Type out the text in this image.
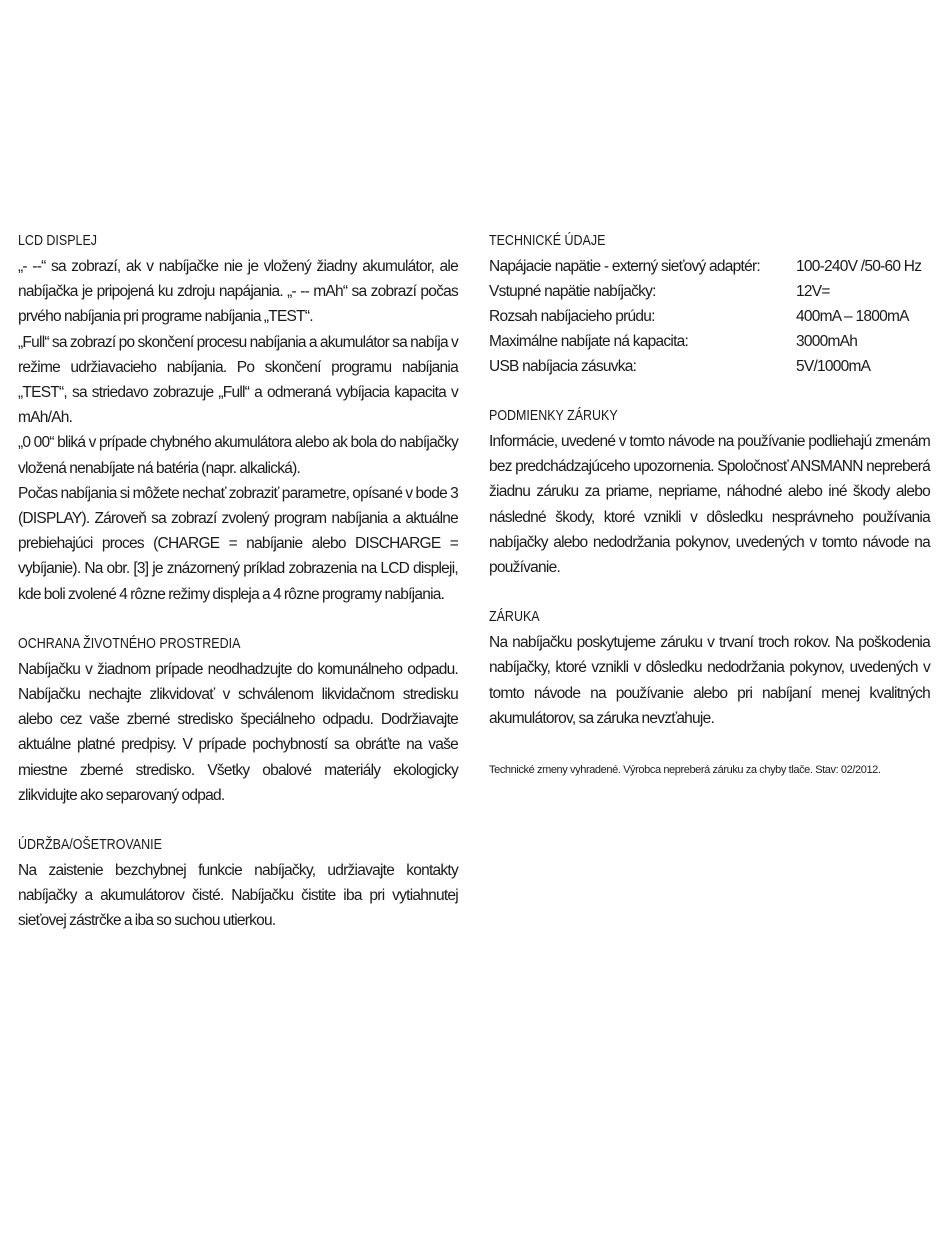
LCD DISPLEJ

„- --“ sa zobrazí, ak v nabíjačke nie je vložený žiadny akumulátor, ale nabíjačka je pripojená ku zdroju napájania. „- -- mAh“ sa zobrazí počas prvého nabíjania pri programe nabíjania „TEST“.

„Full“ sa zobrazí po skončení procesu nabíjania a akumulátor sa nabíja v režime udržiavacieho nabíjania. Po skončení programu nabíjania „TEST“, sa striedavo zobrazuje „Full“ a odmeraná vybíjacia kapacita v mAh/Ah.

„0 00“ bliká v prípade chybného akumulátora alebo ak bola do nabíjačky vložená nenabíjate ná batéria (napr. alkalická).

Počas nabíjania si môžete nechať zobraziť parametre, opísané v bode 3 (DISPLAY). Zároveň sa zobrazí zvolený program nabíjania a aktuálne prebiehajúci proces (CHARGE = nabíjanie alebo DISCHARGE = vybíjanie). Na obr. [3] je znázornený príklad zobrazenia na LCD displeji, kde boli zvolené 4 rôzne režimy displeja a 4 rôzne programy nabíjania.

OCHRANA ŽIVOTNÉHO PROSTREDIA

Nabíjačku v žiadnom prípade neodhadzujte do komunálneho odpadu. Nabíjačku nechajte zlikvidovať v schválenom likvidačnom stredisku alebo cez vaše zberné stredisko špeciálneho odpadu. Dodržiavajte aktuálne platné predpisy. V prípade pochybností sa obráťte na vaše miestne zberné stredisko. Všetky obalové materiály ekologicky zlikvidujte ako separovaný odpad.

ÚDRŽBA/OŠETROVANIE

Na zaistenie bezchybnej funkcie nabíjačky, udržiavajte kontakty nabíjačky a akumulátorov čisté. Nabíjačku čistite iba pri vytiahnutej sieťovej zástrčke a iba so suchou utierkou.

TECHNICKÉ ÚDAJE
Napájacie napätie - externý sieťový adaptér:	100-240V /50-60 Hz
Vstupné napätie nabíjačky:	12V=
Rozsah nabíjacieho prúdu:	400mA – 1800mA
Maximálne nabíjate ná kapacita:	3000mAh
USB nabíjacia zásuvka:	5V/1000mA
PODMIENKY ZÁRUKY

Informácie, uvedené v tomto návode na používanie podliehajú zmenám bez predchádzajúceho upozornenia. Spoločnosť ANSMANN nepreberá žiadnu záruku za priame, nepriame, náhodné alebo iné škody alebo následné škody, ktoré vznikli v dôsledku nesprávneho používania nabíjačky alebo nedodržania pokynov, uvedených v tomto návode na používanie.

ZÁRUKA

Na nabíjačku poskytujeme záruku v trvaní troch rokov. Na poškodenia nabíjačky, ktoré vznikli v dôsledku nedodržania pokynov, uvedených v tomto návode na používanie alebo pri nabíjaní menej kvalitných akumulátorov, sa záruka nevzťahuje.

Technické zmeny vyhradené. Výrobca nepreberá záruku za chyby tlače. Stav: 02/2012.
